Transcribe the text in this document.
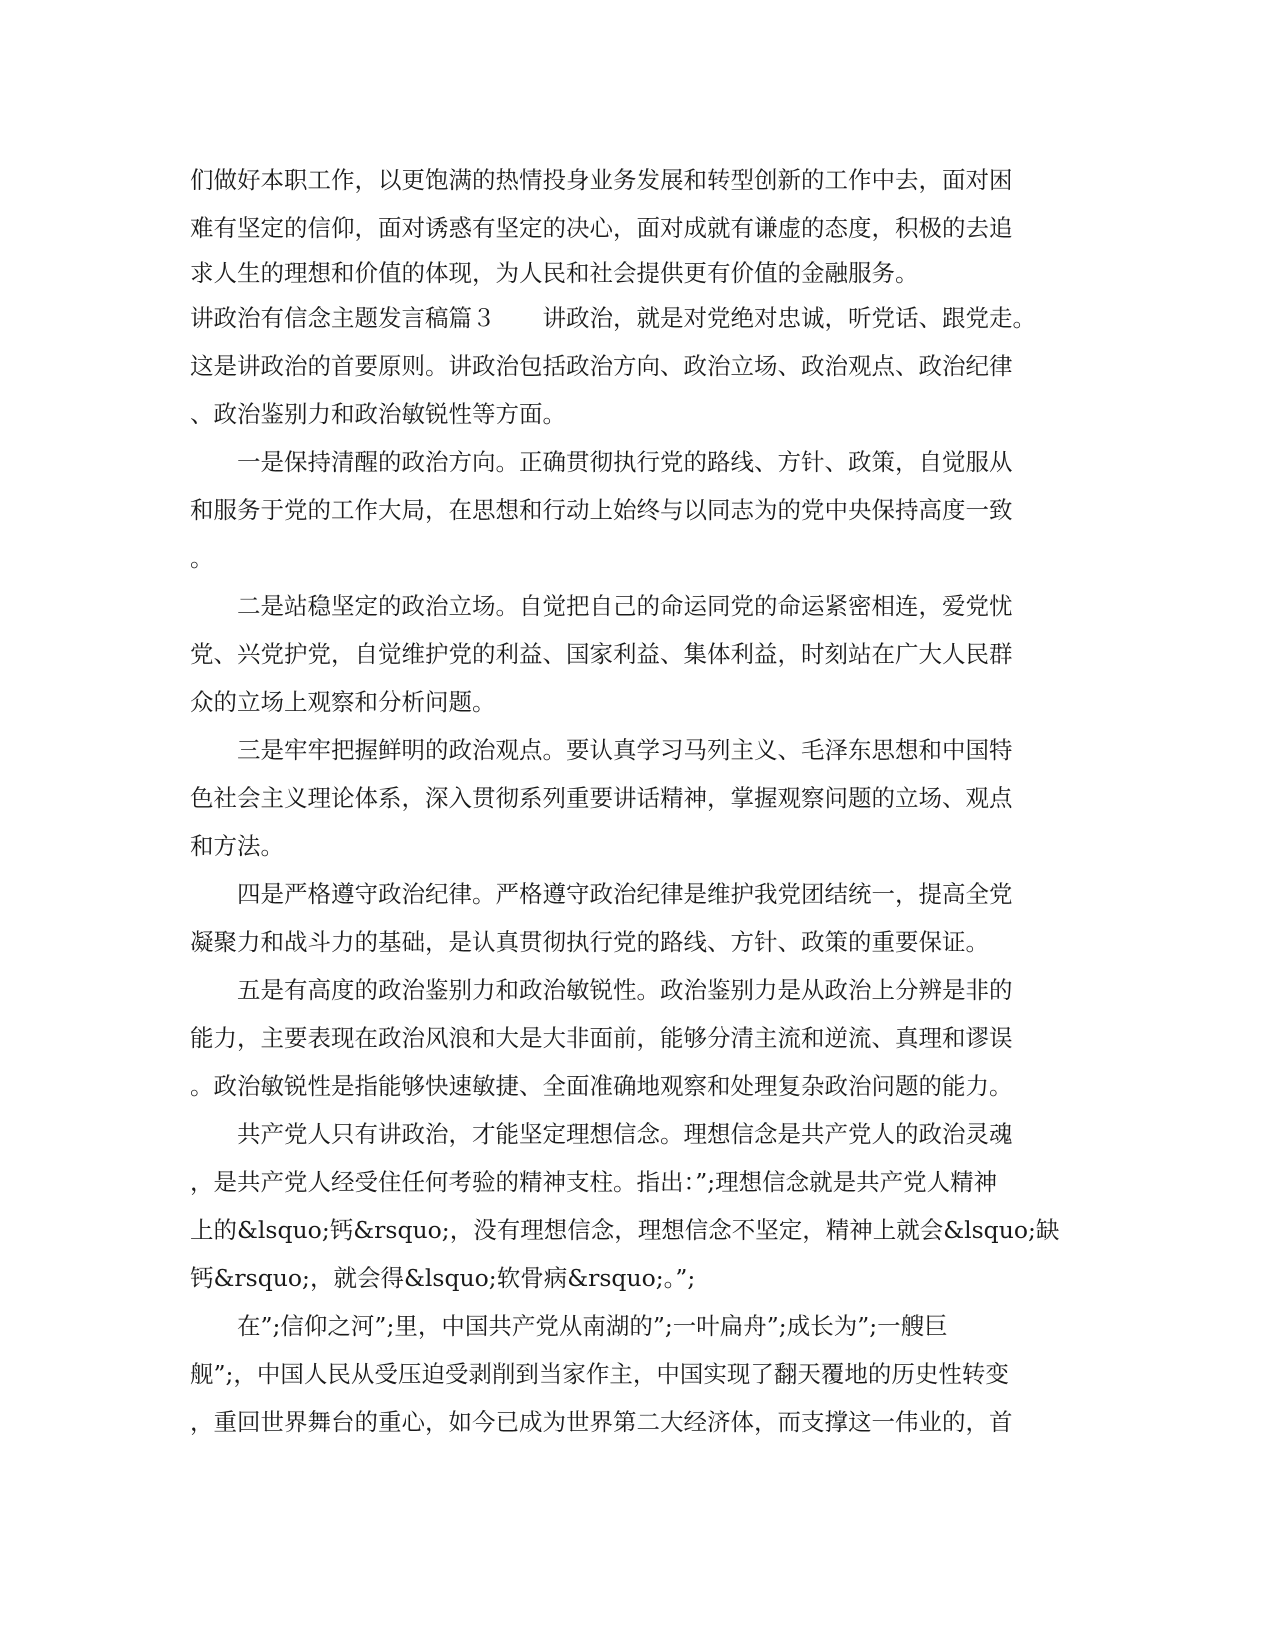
们做好本职工作，以更饱满的热情投身业务发展和转型创新的工作中去，面对困
难有坚定的信仰，面对诱惑有坚定的决心，面对成就有谦虚的态度，积极的去追
求人生的理想和价值的体现，为人民和社会提供更有价值的金融服务。
讲政治有信念主题发言稿篇３　　讲政治，就是对党绝对忠诚，听党话、跟党走。
这是讲政治的首要原则。讲政治包括政治方向、政治立场、政治观点、政治纪律
、政治鉴别力和政治敏锐性等方面。
一是保持清醒的政治方向。正确贯彻执行党的路线、方针、政策，自觉服从
和服务于党的工作大局，在思想和行动上始终与以同志为的党中央保持高度一致
。
二是站稳坚定的政治立场。自觉把自己的命运同党的命运紧密相连，爱党忧
党、兴党护党，自觉维护党的利益、国家利益、集体利益，时刻站在广大人民群
众的立场上观察和分析问题。
三是牢牢把握鲜明的政治观点。要认真学习马列主义、毛泽东思想和中国特
色社会主义理论体系，深入贯彻系列重要讲话精神，掌握观察问题的立场、观点
和方法。
四是严格遵守政治纪律。严格遵守政治纪律是维护我党团结统一，提高全党
凝聚力和战斗力的基础，是认真贯彻执行党的路线、方针、政策的重要保证。
五是有高度的政治鉴别力和政治敏锐性。政治鉴别力是从政治上分辨是非的
能力，主要表现在政治风浪和大是大非面前，能够分清主流和逆流、真理和谬误
。政治敏锐性是指能够快速敏捷、全面准确地观察和处理复杂政治问题的能力。
共产党人只有讲政治，才能坚定理想信念。理想信念是共产党人的政治灵魂
，是共产党人经受住任何考验的精神支柱。指出：”;理想信念就是共产党人精神
上的&lsquo;钙&rsquo;，没有理想信念，理想信念不坚定，精神上就会&lsquo;缺
钙&rsquo;，就会得&lsquo;软骨病&rsquo;。”;
在”;信仰之河”;里，中国共产党从南湖的”;一叶扁舟”;成长为”;一艘巨
舰”;，中国人民从受压迫受剥削到当家作主，中国实现了翻天覆地的历史性转变
，重回世界舞台的重心，如今已成为世界第二大经济体，而支撑这一伟业的，首
